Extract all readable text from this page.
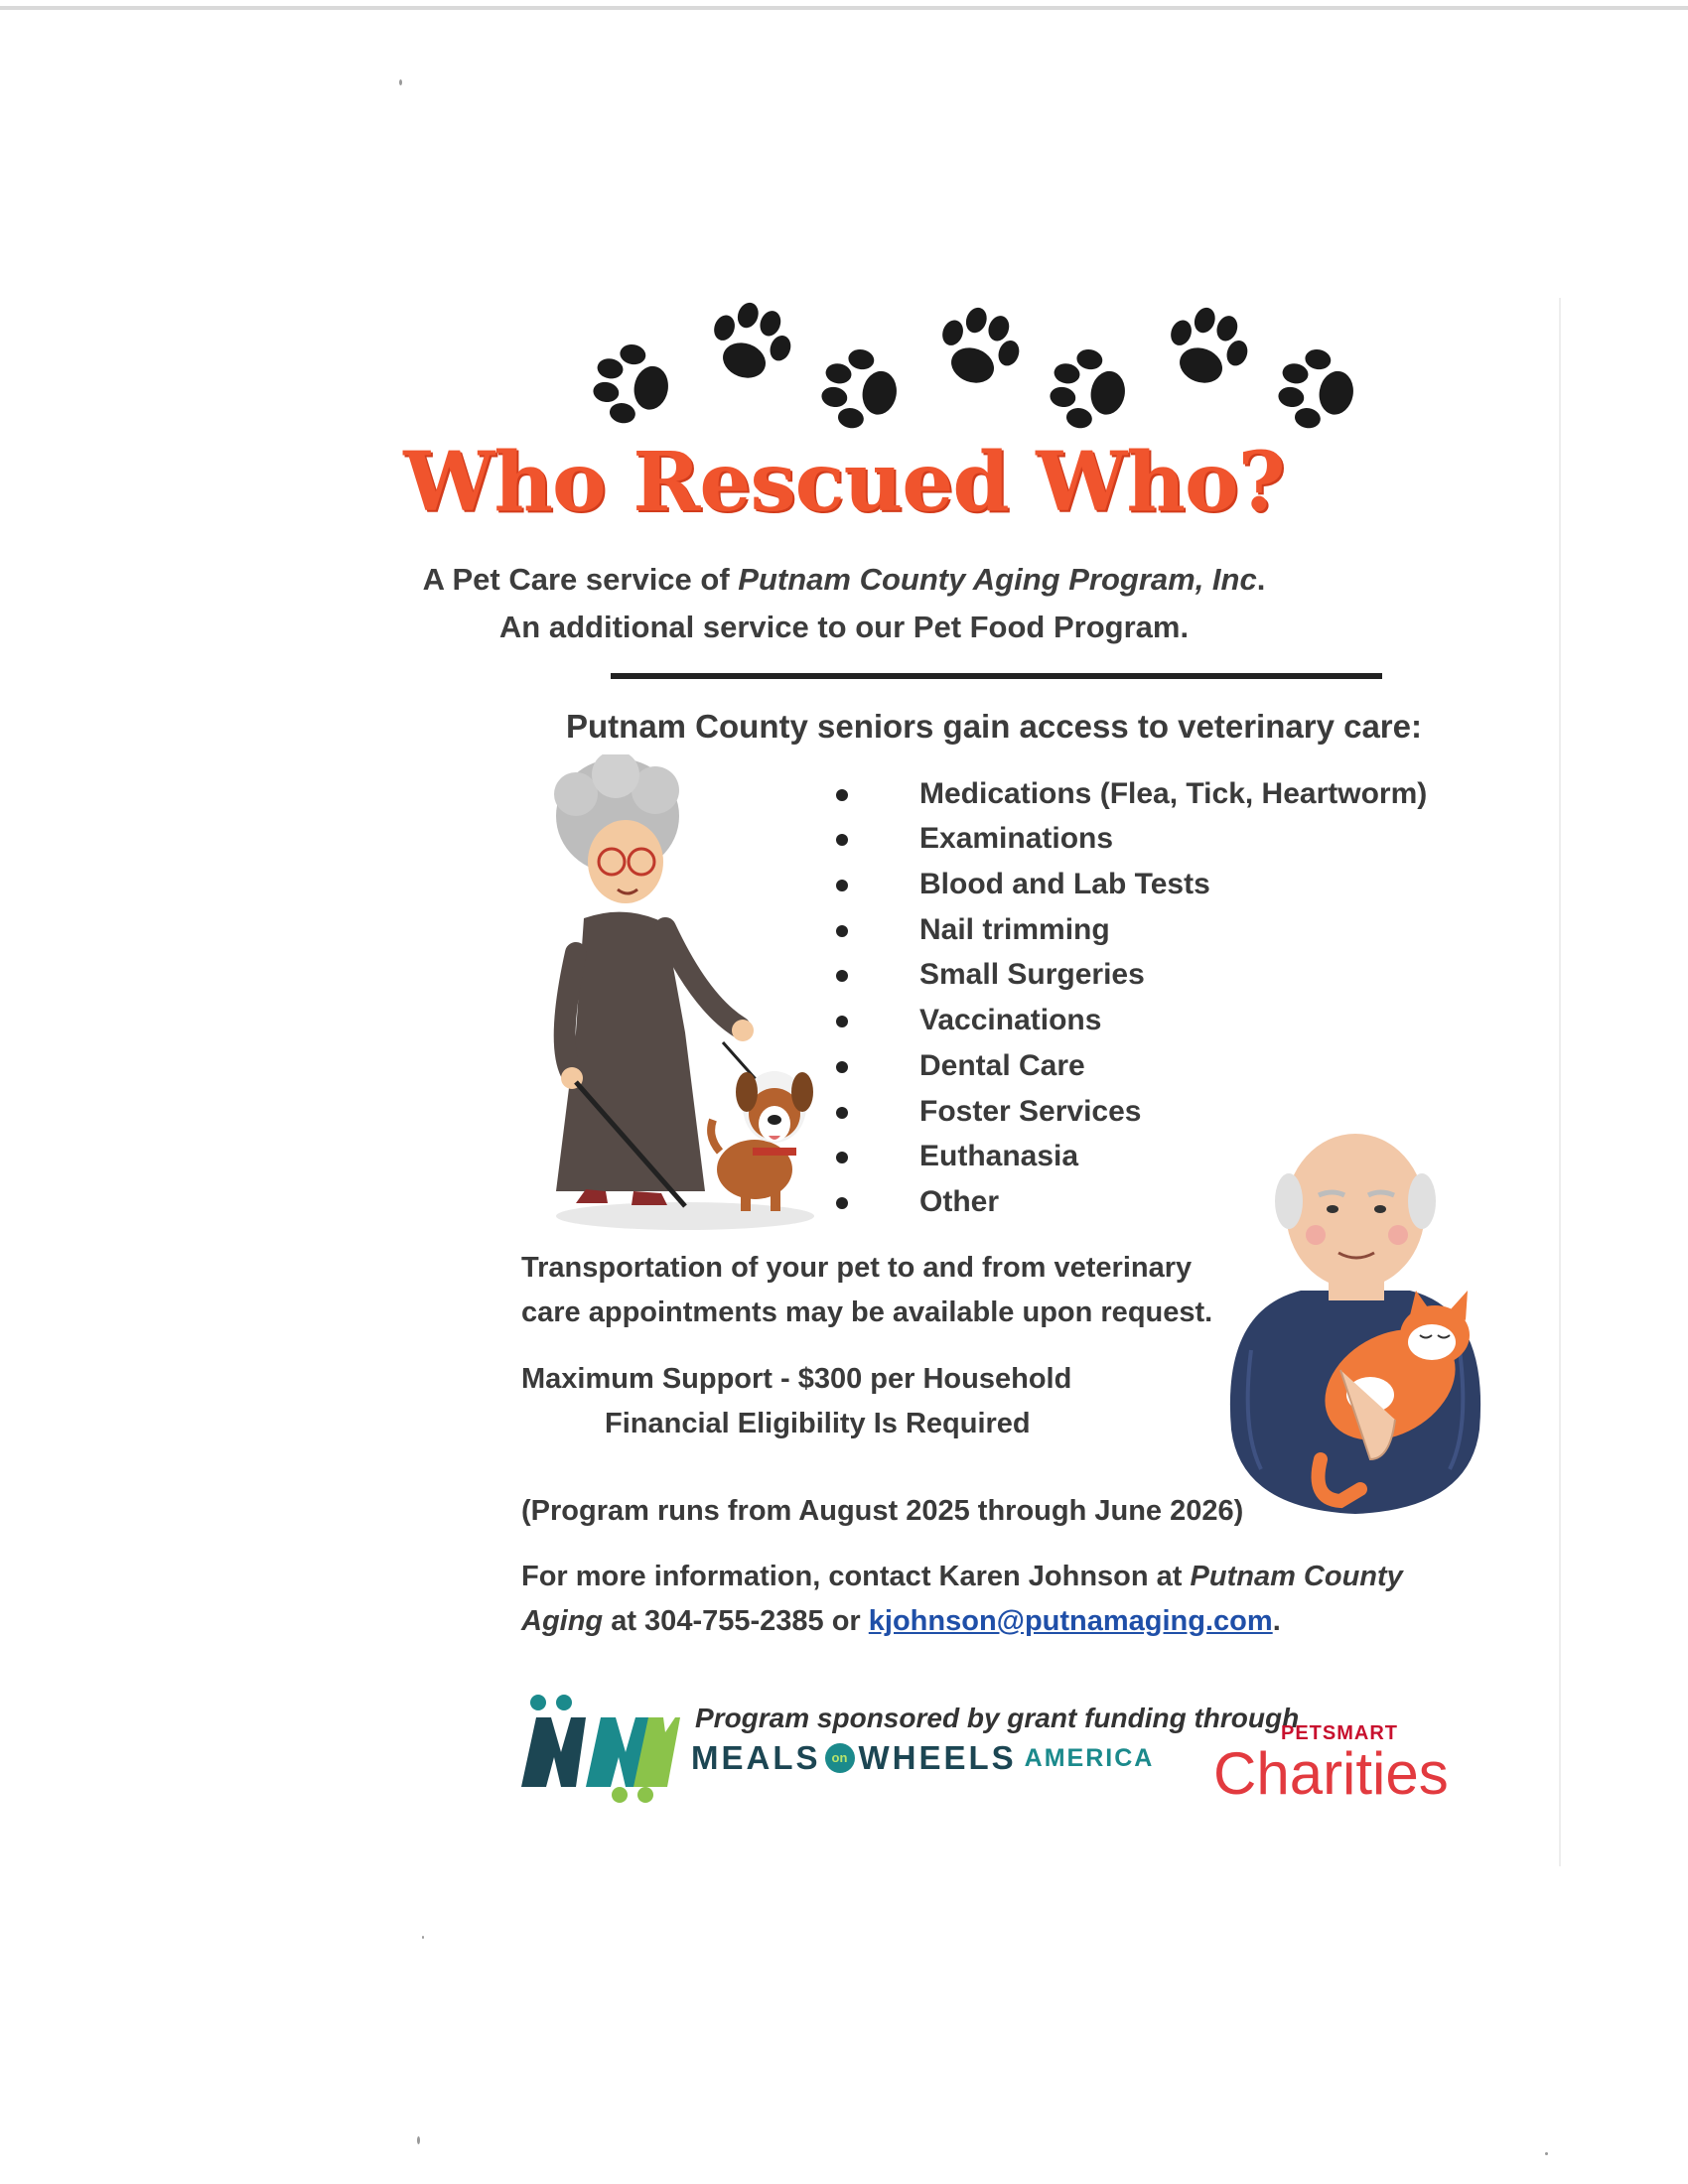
Who Rescued Who?
A Pet Care service of Putnam County Aging Program, Inc.
An additional service to our Pet Food Program.
Putnam County seniors gain access to veterinary care:
Medications (Flea, Tick, Heartworm)
Examinations
Blood and Lab Tests
Nail trimming
Small Surgeries
Vaccinations
Dental Care
Foster Services
Euthanasia
Other
Transportation of your pet to and from veterinary
care appointments may be available upon request.
Maximum Support - $300 per Household
Financial Eligibility Is Required
(Program runs from August 2025 through June 2026)
For more information, contact Karen Johnson at Putnam County
Aging at 304-755-2385 or kjohnson@putnamaging.com.
Program sponsored by grant funding through
MEALS on WHEELS AMERICA
PETSMART
Charities
